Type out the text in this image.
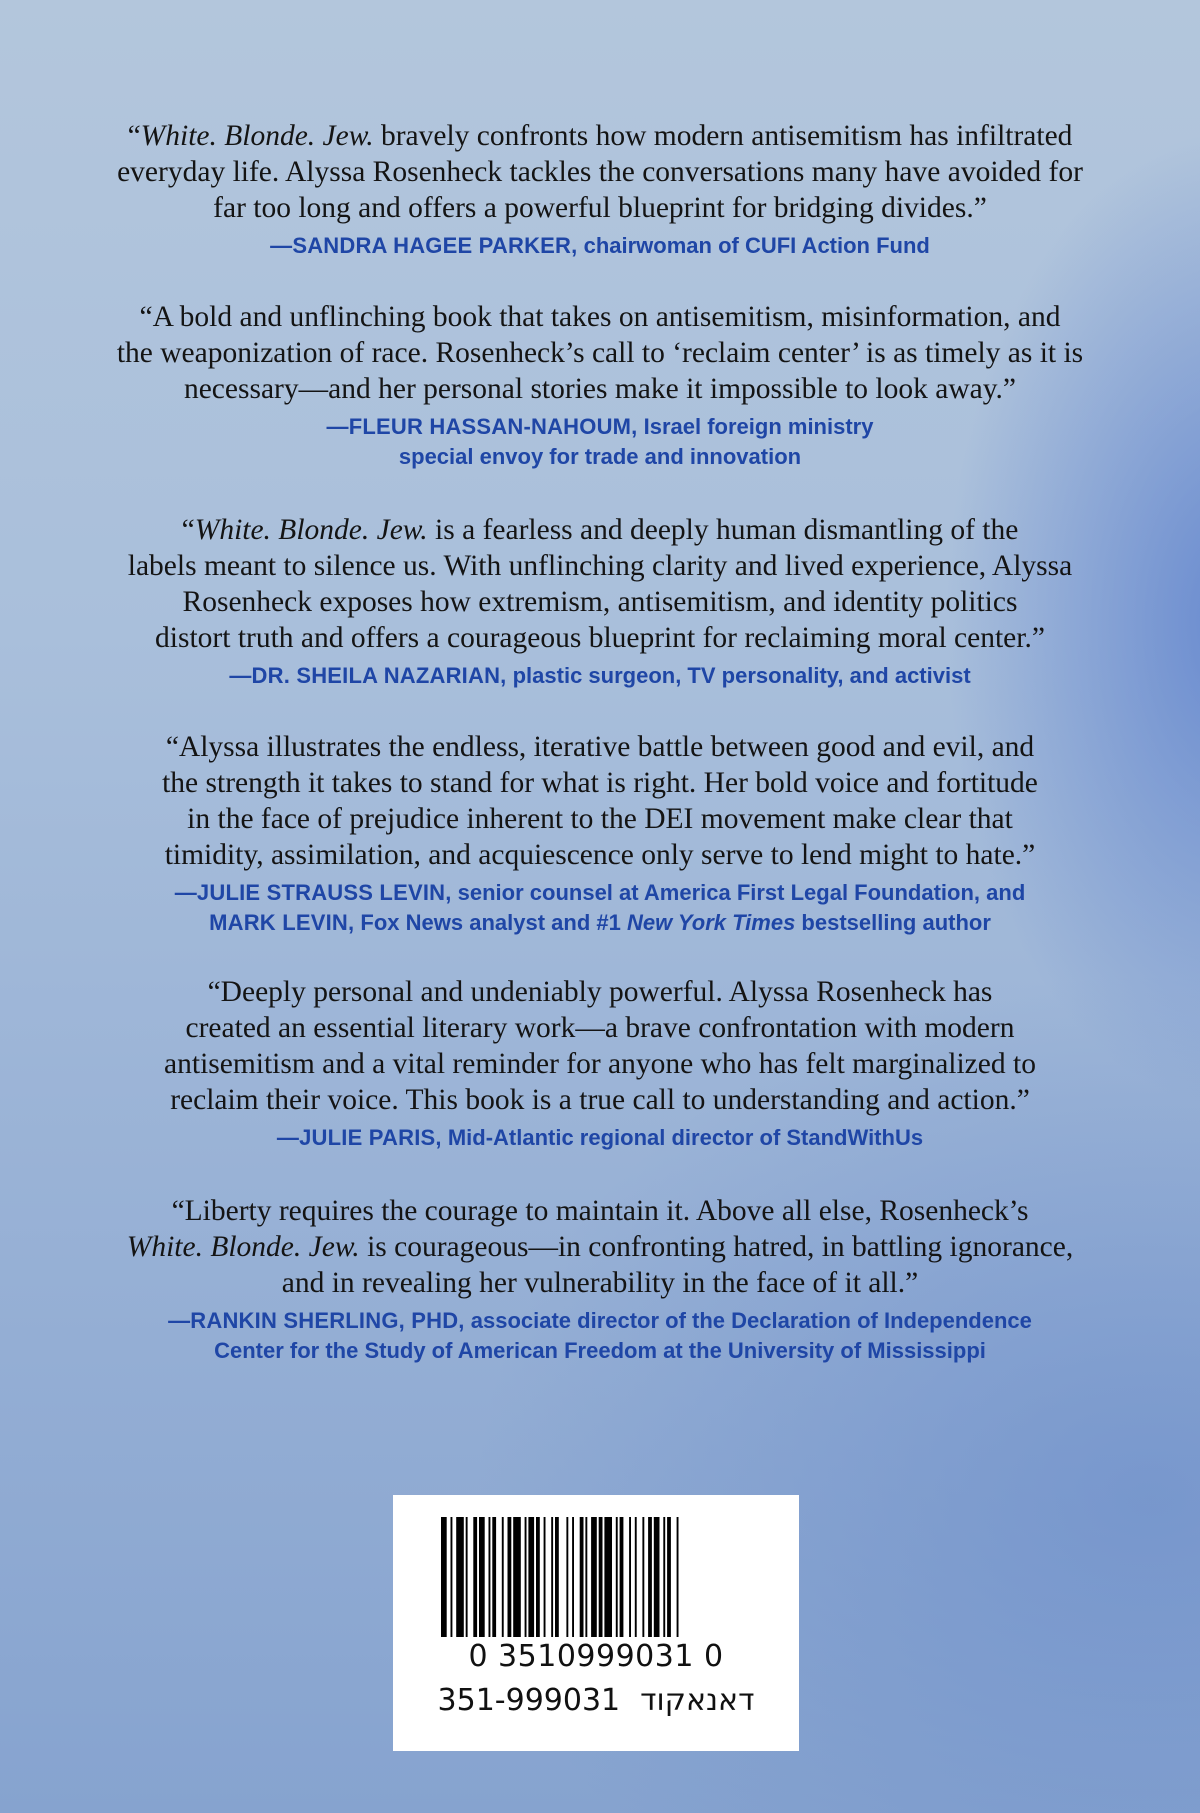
“White. Blonde. Jew. bravely confronts how modern antisemitism has infiltrated
everyday life. Alyssa Rosenheck tackles the conversations many have avoided for
far too long and offers a powerful blueprint for bridging divides.”

—SANDRA HAGEE PARKER, chairwoman of CUFI Action Fund

“A bold and unflinching book that takes on antisemitism, misinformation, and
the weaponization of race. Rosenheck’s call to ‘reclaim center’ is as timely as it is
necessary—and her personal stories make it impossible to look away.”

—FLEUR HASSAN-NAHOUM, Israel foreign ministry
special envoy for trade and innovation

“White. Blonde. Jew. is a fearless and deeply human dismantling of the
labels meant to silence us. With unflinching clarity and lived experience, Alyssa
Rosenheck exposes how extremism, antisemitism, and identity politics
distort truth and offers a courageous blueprint for reclaiming moral center.”

—DR. SHEILA NAZARIAN, plastic surgeon, TV personality, and activist

“Alyssa illustrates the endless, iterative battle between good and evil, and
the strength it takes to stand for what is right. Her bold voice and fortitude
in the face of prejudice inherent to the DEI movement make clear that
timidity, assimilation, and acquiescence only serve to lend might to hate.”

—JULIE STRAUSS LEVIN, senior counsel at America First Legal Foundation, and
MARK LEVIN, Fox News analyst and #1 New York Times bestselling author

“Deeply personal and undeniably powerful. Alyssa Rosenheck has
created an essential literary work—a brave confrontation with modern
antisemitism and a vital reminder for anyone who has felt marginalized to
reclaim their voice. This book is a true call to understanding and action.”

—JULIE PARIS, Mid-Atlantic regional director of StandWithUs

“Liberty requires the courage to maintain it. Above all else, Rosenheck’s
White. Blonde. Jew. is courageous—in confronting hatred, in battling ignorance,
and in revealing her vulnerability in the face of it all.”

—RANKIN SHERLING, PHD, associate director of the Declaration of Independence
Center for the Study of American Freedom at the University of Mississippi
0 3510999031 0
351-999031 דאנאקוד
